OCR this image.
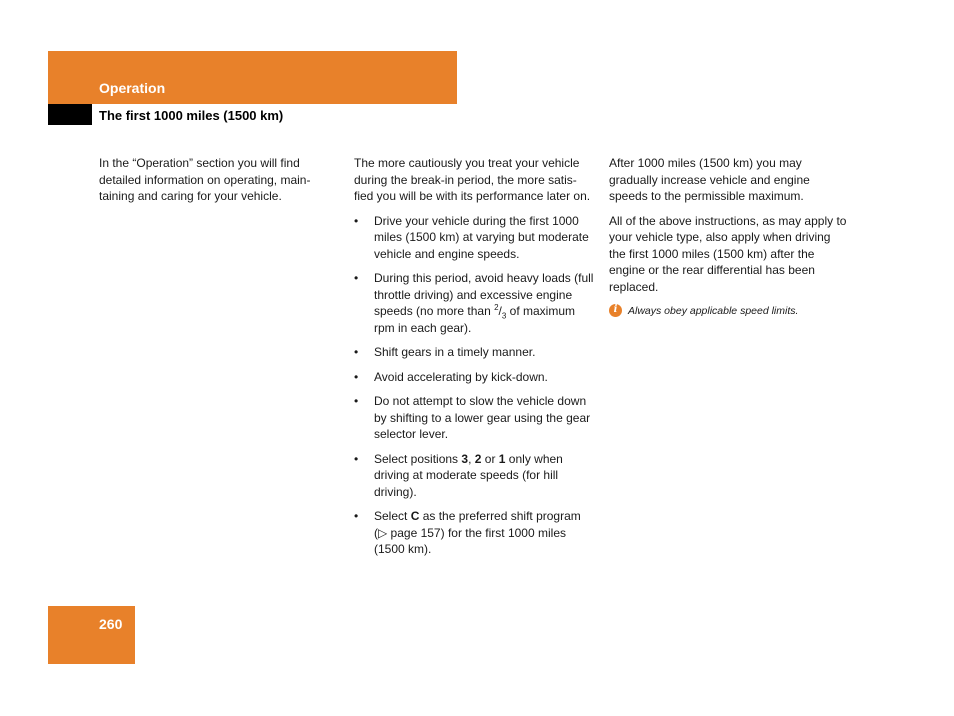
Operation
The first 1000 miles (1500 km)

In the “Operation” section you will find detailed information on operating, main-taining and caring for your vehicle.

The more cautiously you treat your vehicle during the break-in period, the more satis-fied you will be with its performance later on.

• Drive your vehicle during the first 1000 miles (1500 km) at varying but moderate vehicle and engine speeds.
• During this period, avoid heavy loads (full throttle driving) and excessive engine speeds (no more than $^2/_3$ of maximum rpm in each gear).
• Shift gears in a timely manner.
• Avoid accelerating by kick-down.
• Do not attempt to slow the vehicle down by shifting to a lower gear using the gear selector lever.
• Select positions 3, 2 or 1 only when driving at moderate speeds (for hill driving).
• Select C as the preferred shift program (▷ page 157) for the first 1000 miles (1500 km).

After 1000 miles (1500 km) you may gradually increase vehicle and engine speeds to the permissible maximum.

All of the above instructions, as may apply to your vehicle type, also apply when driving the first 1000 miles (1500 km) after the engine or the rear differential has been replaced.

i	Always obey applicable speed limits.
260
